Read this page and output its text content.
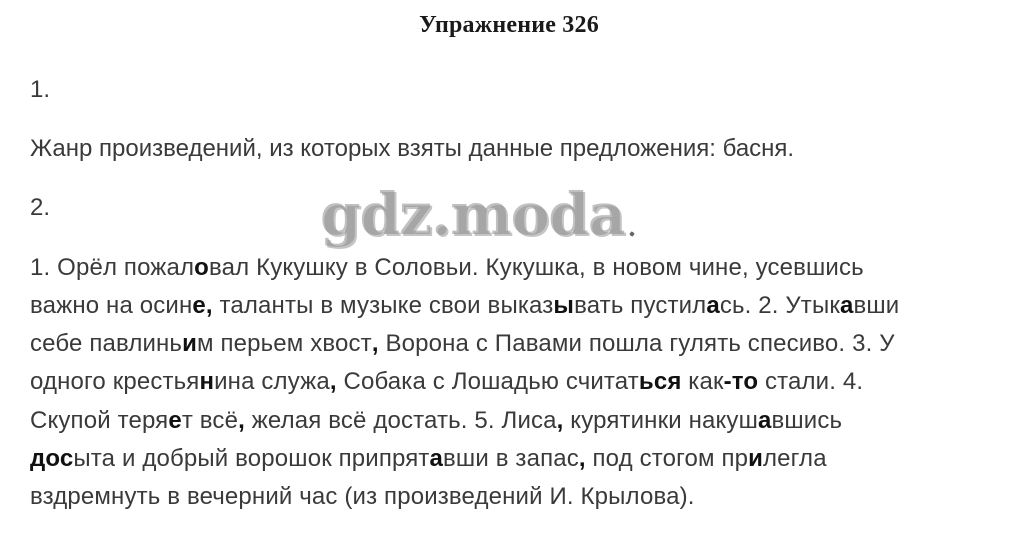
Упражнение 326
1.
Жанр произведений, из которых взяты данные предложения: басня.
2.	gdz.moda
1. Орёл пожаловал Кукушку в Соловьи. Кукушка, в новом чине, усевшись
важно на осине, таланты в музыке свои выказывать пустилась. 2. Утыкавши
себе павлиньим перьем хвост, Ворона с Павами пошла гулять спесиво. 3. У
одного крестьянина служа, Собака с Лошадью считаться как-то стали. 4.
Скупой теряет всё, желая всё достать. 5. Лиса, курятинки накушавшись
досыта и добрый ворошок припрятавши в запас, под стогом прилегла
вздремнуть в вечерний час (из произведений И. Крылова).
